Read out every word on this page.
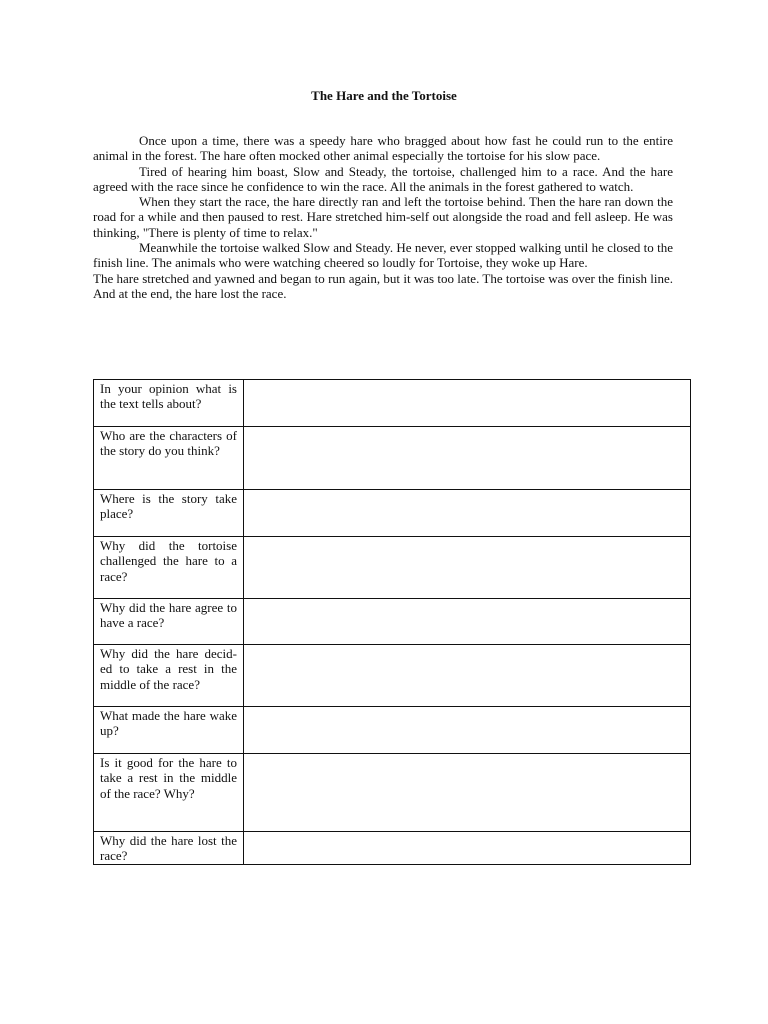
The Hare and the Tortoise

Once upon a time, there was a speedy hare who bragged about how fast he could run to the entire animal in the forest. The hare often mocked other animal especially the tortoise for his slow pace.

Tired of hearing him boast, Slow and Steady, the tortoise, challenged him to a race. And the hare agreed with the race since he confidence to win the race. All the animals in the forest gathered to watch.

When they start the race, the hare directly ran and left the tortoise behind. Then the hare ran down the road for a while and then paused to rest. Hare stretched him-self out alongside the road and fell asleep. He was thinking, "There is plenty of time to relax."

Meanwhile the tortoise walked Slow and Steady. He never, ever stopped walking until he closed to the finish line. The animals who were watching cheered so loudly for Tortoise, they woke up Hare.

The hare stretched and yawned and began to run again, but it was too late. The tortoise was over the finish line. And at the end, the hare lost the race.

In your opinion what is the text tells about?	
Who are the characters of the story do you think?	
Where is the story take place?	
Why did the tortoise challenged the hare to a race?	
Why did the hare agree to have a race?	
Why did the hare decid-ed to take a rest in the middle of the race?	
What made the hare wake up?	
Is it good for the hare to take a rest in the middle of the race? Why?	
Why did the hare lost the race?	
